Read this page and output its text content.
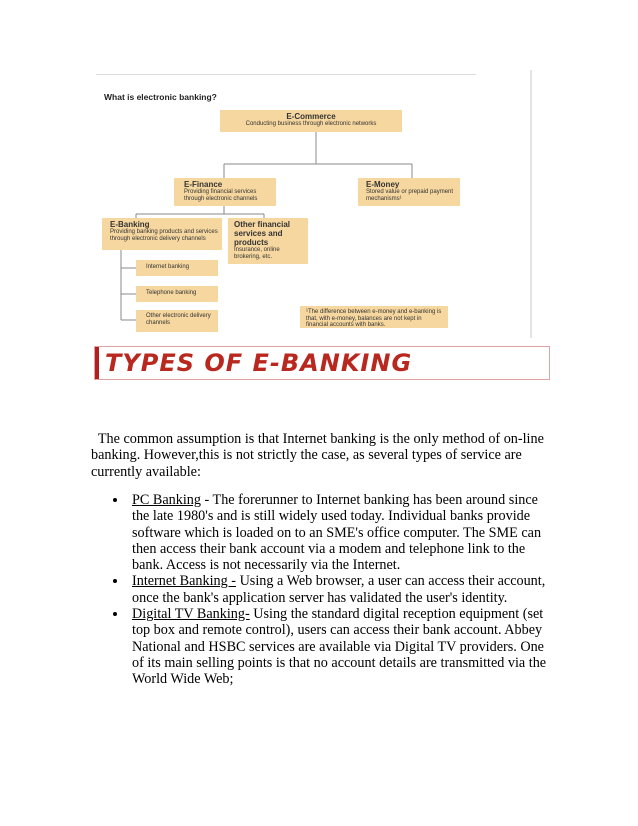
What is electronic banking?
E-Commerce
Conducting business through electronic networks
E-Finance
Providing financial services through electronic channels
E-Money
Stored value or prepaid payment mechanisms¹
E-Banking
Providing banking products and services through electronic delivery channels
Other financial services and products
Insurance, online brokering, etc.
Internet banking
Telephone banking
Other electronic delivery channels
¹The difference between e-money and e-banking is that, with e-money, balances are not kept in financial accounts with banks.
TYPES OF E-BANKING
The common assumption is that Internet banking is the only method of on-line banking. However,this is not strictly the case, as several types of service are currently available:
PC Banking - The forerunner to Internet banking has been around since the late 1980's and is still widely used today. Individual banks provide software which is loaded on to an SME's office computer. The SME can then access their bank account via a modem and telephone link to the bank. Access is not necessarily via the Internet.
Internet Banking - Using a Web browser, a user can access their account, once the bank's application server has validated the user's identity.
Digital TV Banking- Using the standard digital reception equipment (set top box and remote control), users can access their bank account. Abbey National and HSBC services are available via Digital TV providers. One of its main selling points is that no account details are transmitted via the World Wide Web;
